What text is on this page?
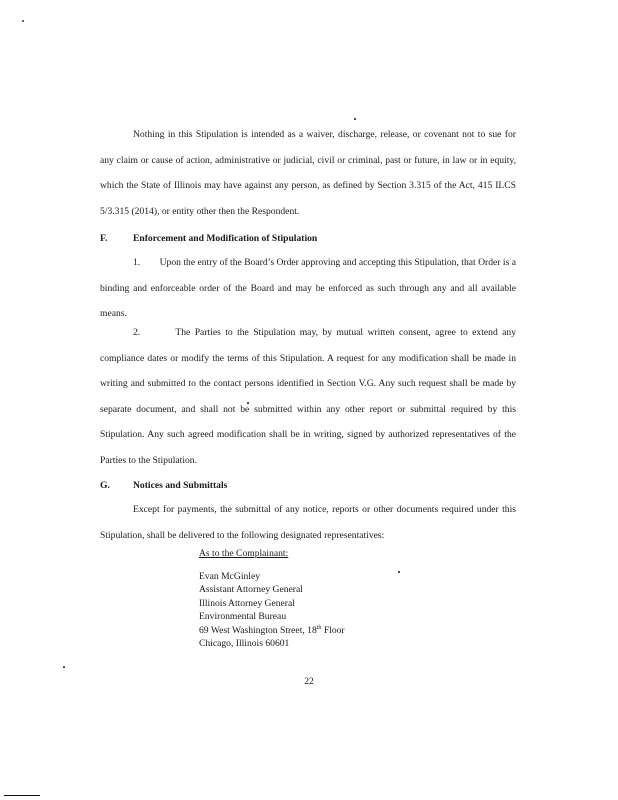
Nothing in this Stipulation is intended as a waiver, discharge, release, or covenant not to sue for any claim or cause of action, administrative or judicial, civil or criminal, past or future, in law or in equity, which the State of Illinois may have against any person, as defined by Section 3.315 of the Act, 415 ILCS 5/3.315 (2014), or entity other then the Respondent.

F.	Enforcement and Modification of Stipulation

1.        Upon the entry of the Board’s Order approving and accepting this Stipulation, that Order is a binding and enforceable order of the Board and may be enforced as such through any and all available means.

2.        The Parties to the Stipulation may, by mutual written consent, agree to extend any compliance dates or modify the terms of this Stipulation. A request for any modification shall be made in writing and submitted to the contact persons identified in Section V.G. Any such request shall be made by separate document, and shall not be submitted within any other report or submittal required by this Stipulation. Any such agreed modification shall be in writing, signed by authorized representatives of the Parties to the Stipulation.

G. Notices and Submittals

Except for payments, the submittal of any notice, reports or other documents required under this Stipulation, shall be delivered to the following designated representatives:

As to the Complainant:
Evan McGinley
Assistant Attorney General
Illinois Attorney General
Environmental Bureau
69 West Washington Street, 18th Floor
Chicago, Illinois 60601
22
